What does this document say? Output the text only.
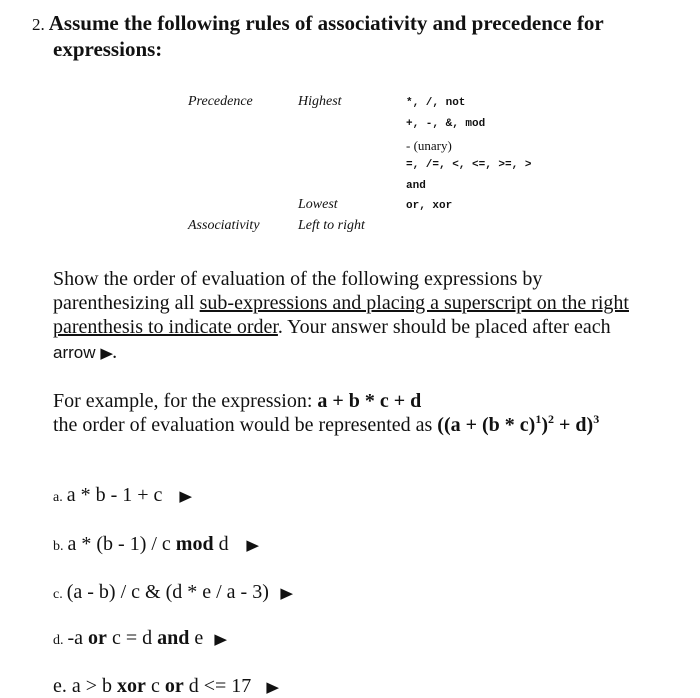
2. Assume the following rules of associativity and precedence for
expressions:
Precedence	Highest	*, /, not
+, -, &, mod
- (unary)
=, /=, <, <=, >=, >
and
Lowest	or, xor
Associativity	Left to right
Show the order of evaluation of the following expressions by
parenthesizing all sub-expressions and placing a superscript on the right
parenthesis to indicate order. Your answer should be placed after each
arrow ▶.
For example, for the expression: a + b * c + d
the order of evaluation would be represented as $((a + (b * c)^1)^2 + d)^3$
a. a * b - 1 + c ▶
b. a * (b - 1) / c mod d ▶
c. (a - b) / c & (d * e / a - 3) ▶
d. -a or c = d and e ▶
e. a > b xor c or d <= 17 ▶
